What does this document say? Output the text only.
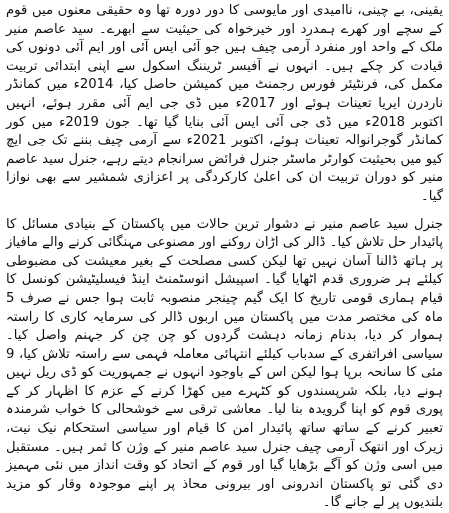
یقینی، بے چینی، ناامیدی اور مایوسی کا دور دورہ تھا وہ حقیقی معنوں میں قوم کے سچے اور کھرے ہمدرد اور خیرخواہ کی حیثیت سے ابھرے۔ سید عاصم منیر ملک کے واحد اور منفرد آرمی چیف ہیں جو آئی ایس آئی اور ایم آئی دونوں کی قیادت کر چکے ہیں۔ انہوں نے آفیسر ٹریننگ اسکول سے اپنی ابتدائی تربیت مکمل کی، فرنٹیئر فورس رجمنٹ میں کمیشن حاصل کیا، 2014ء میں کمانڈر ناردرن ایریا تعینات ہوئے اور 2017ء میں ڈی جی ایم آئی مقرر ہوئے، انہیں اکتوبر 2018ء میں ڈی جی آئی ایس آئی بنایا گیا تھا۔ جون 2019ء میں کور کمانڈر گوجرانوالہ تعینات ہوئے، اکتوبر 2021ء سے آرمی چیف بننے تک جی ایچ کیو میں بحیثیت کوارٹر ماسٹر جنرل فرائض سرانجام دیتے رہے، جنرل سید عاصم منیر کو دوران تربیت ان کی اعلیٰ کارکردگی پر اعزازی شمشیر سے بھی نوازا گیا۔

جنرل سید عاصم منیر نے دشوار ترین حالات میں پاکستان کے بنیادی مسائل کا پائیدار حل تلاش کیا۔ ڈالر کی اڑان روکنے اور مصنوعی مہنگائی کرنے والے مافیاز پر ہاتھ ڈالنا آسان نہیں تھا لیکن کسی مصلحت کے بغیر معیشت کی مضبوطی کیلئے ہر ضروری قدم اٹھایا گیا۔ اسپیشل انوسٹمنٹ اینڈ فیسلیٹیشن کونسل کا قیام ہماری قومی تاریخ کا ایک گیم چینجر منصوبہ ثابت ہوا جس نے صرف 5 ماہ کی مختصر مدت میں پاکستان میں اربوں ڈالر کی سرمایہ کاری کا راستہ ہموار کر دیا، بدنام زمانہ دہشت گردوں کو چن چن کر جہنم واصل کیا۔ سیاسی افراتفری کے سدباب کیلئے انتہائی معاملہ فہمی سے راستہ تلاش کیا، 9 مئی کا سانحہ برپا ہوا لیکن اس کے باوجود انہوں نے جمہوریت کو ڈی ریل نہیں ہونے دیا، بلکہ شرپسندوں کو کٹہرے میں کھڑا کرنے کے عزم کا اظہار کر کے پوری قوم کو اپنا گرویدہ بنا لیا۔ معاشی ترقی سے خوشحالی کا خواب شرمندہ تعبیر کرنے کے ساتھ ساتھ پائیدار امن کا قیام اور سیاسی استحکام نیک نیت، زیرک اور انتھک آرمی چیف جنرل سید عاصم منیر کے وژن کا ثمر ہیں۔ مستقبل میں اسی وژن کو آگے بڑھایا گیا اور قوم کے اتحاد کو وقت انداز میں نئی مہمیز دی گئی تو پاکستان اندرونی اور بیرونی محاذ پر اپنے موجودہ وقار کو مزید بلندیوں پر لے جانے گا۔
